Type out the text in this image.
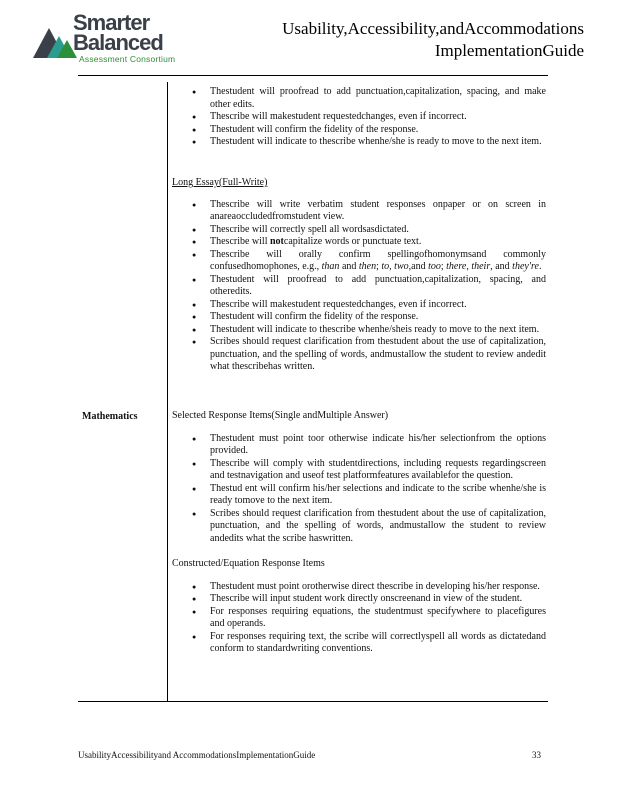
Smarter
Balanced
Assessment Consortium
Usability,Accessibility,andAccommodations
ImplementationGuide
● Thestudent will proofread to add punctuation,capitalization, spacing, and make other edits.
● Thescribe will makestudent requestedchanges, even if incorrect.
● Thestudent will confirm the fidelity of the response.
● Thestudent will indicate to thescribe whenhe/she is ready to move to the next item.

Long Essay(Full-Write)

● Thescribe will write verbatim student responses onpaper or on screen in anareaoccludedfromstudent view.
● Thescribe will correctly spell all wordsasdictated.
● Thescribe will notcapitalize words or punctuate text.
● Thescribe will orally confirm spellingofhomonymsand commonly confusedhomophones, e.g., than and then; to, two,and too; there, their, and they're.
● Thestudent will proofread to add punctuation,capitalization, spacing, and otheredits.
● Thescribe will makestudent requestedchanges, even if incorrect.
● Thestudent will confirm the fidelity of the response.
● Thestudent will indicate to thescribe whenhe/sheis ready to move to the next item.
● Scribes should request clarification from thestudent about the use of capitalization, punctuation, and the spelling of words, andmustallow the student to review andedit what thescribehas written.
Mathematics	Selected Response Items(Single andMultiple Answer)

● Thestudent must point toor otherwise indicate his/her selectionfrom the options provided.
● Thescribe will comply with studentdirections, including requests regardingscreen and testnavigation and useof test platformfeatures availablefor the question.
● Thestud ent will confirm his/her selections and indicate to the scribe whenhe/she is ready tomove to the next item.
● Scribes should request clarification from thestudent about the use of capitalization, punctuation, and the spelling of words, andmustallow the student to review andedits what the scribe haswritten.

Constructed/Equation Response Items

● Thestudent must point orotherwise direct thescribe in developing his/her response.
● Thescribe will input student work directly onscreenand in view of the student.
● For responses requiring equations, the studentmust specifywhere to placefigures and operands.
● For responses requiring text, the scribe will correctlyspell all words as dictatedand conform to standardwriting conventions.
UsabilityAccessibilityand AccommodationsImplementationGuide	33
